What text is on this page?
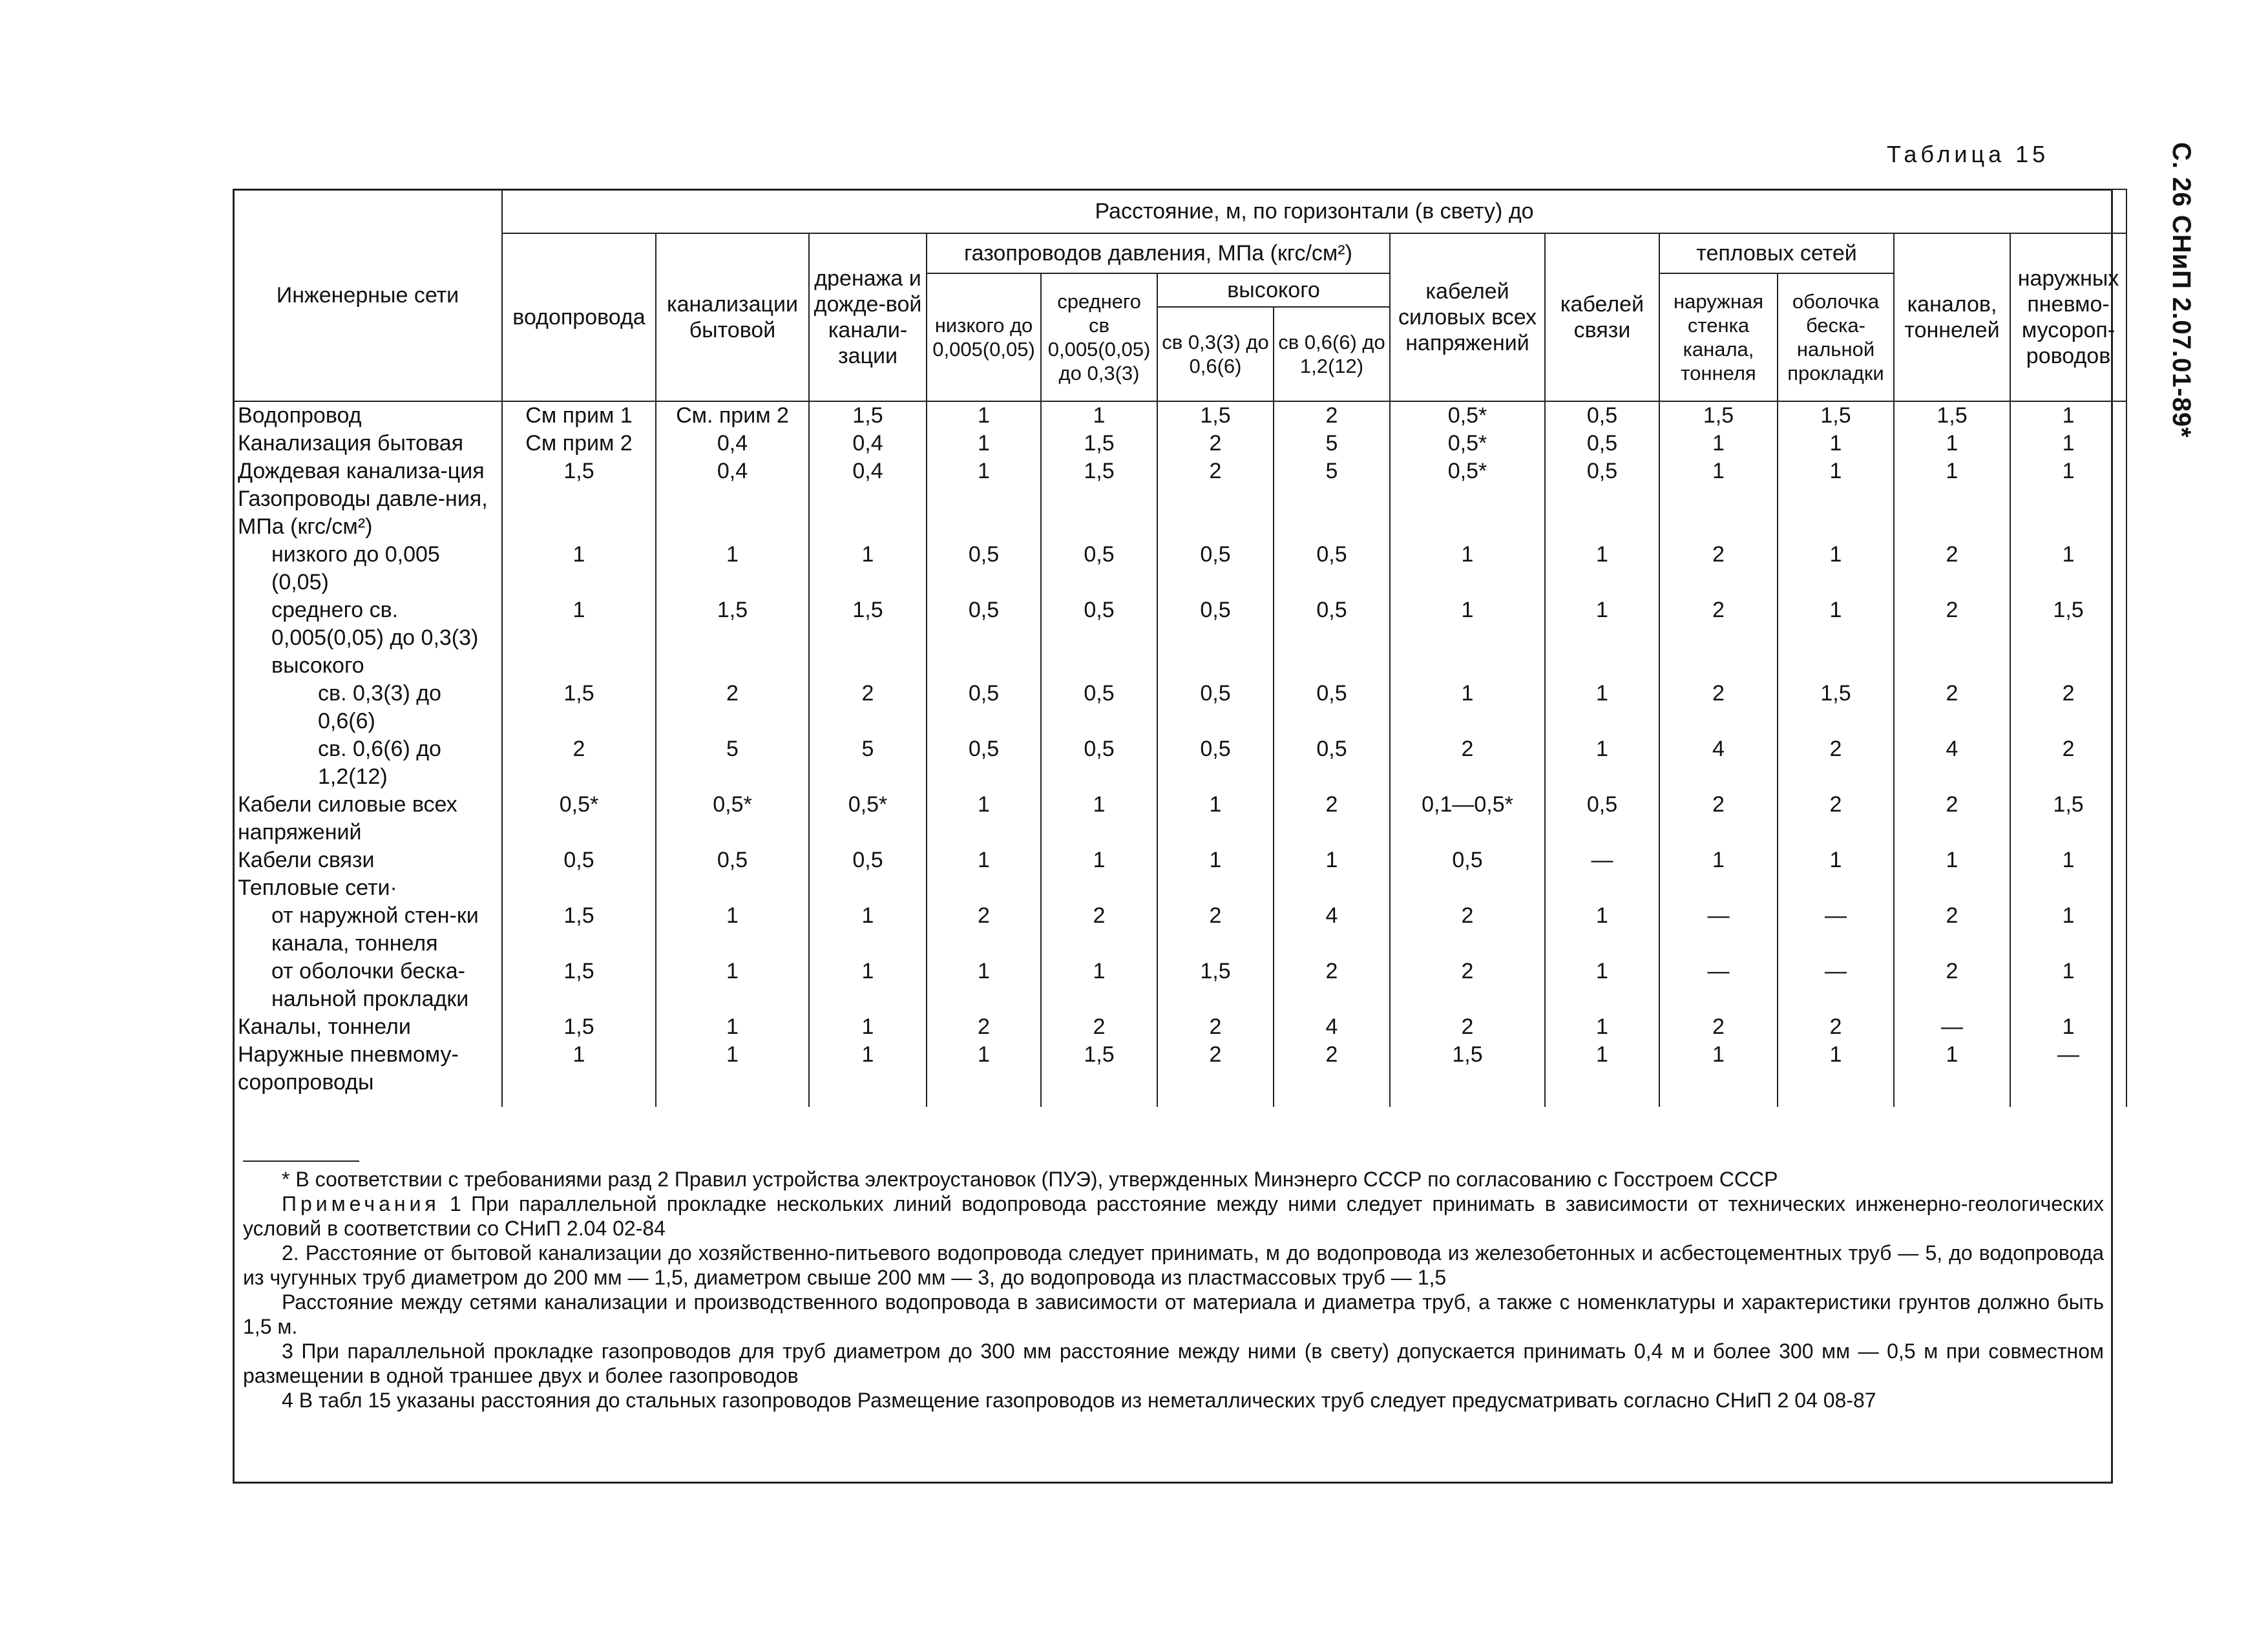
С. 26 СНиП 2.07.01-89*
Таблица 15
Инженерные сети	Расстояние, м, по горизонтали (в свету) до												
	водопровода	канализации бытовой	дренажа и дожде-вой канали-зации	газопроводов давления, МПа (кгс/см²)				кабелей силовых всех напряжений	кабелей связи	тепловых сетей		каналов, тоннелей	наружных пневмо-мусороп-роводов
				низкого до 0,005(0,05)	среднего св 0,005(0,05) до 0,3(3)	высокого				наружная стенка канала, тоннеля	оболочка беска-нальной прокладки		
						св 0,3(3) до 0,6(6)	св 0,6(6) до 1,2(12)						
Водопровод	См прим 1	См. прим 2	1,5	1	1	1,5	2	0,5*	0,5	1,5	1,5	1,5	1
Канализация бытовая	См прим 2	0,4	0,4	1	1,5	2	5	0,5*	0,5	1	1	1	1
Дождевая канализа-ция	1,5	0,4	0,4	1	1,5	2	5	0,5*	0,5	1	1	1	1
Газопроводы давле-ния, МПа (кгс/см²)													
низкого до 0,005 (0,05)	1	1	1	0,5	0,5	0,5	0,5	1	1	2	1	2	1
среднего св. 0,005(0,05) до 0,3(3)	1	1,5	1,5	0,5	0,5	0,5	0,5	1	1	2	1	2	1,5
высокого													
св. 0,3(3) до 0,6(6)	1,5	2	2	0,5	0,5	0,5	0,5	1	1	2	1,5	2	2
св. 0,6(6) до 1,2(12)	2	5	5	0,5	0,5	0,5	0,5	2	1	4	2	4	2
Кабели силовые всех напряжений	0,5*	0,5*	0,5*	1	1	1	2	0,1—0,5*	0,5	2	2	2	1,5
Кабели связи	0,5	0,5	0,5	1	1	1	1	0,5	—	1	1	1	1
Тепловые сети·													
от наружной стен-ки канала, тоннеля	1,5	1	1	2	2	2	4	2	1	—	—	2	1
от оболочки беска-нальной прокладки	1,5	1	1	1	1	1,5	2	2	1	—	—	2	1
Каналы, тоннели	1,5	1	1	2	2	2	4	2	1	2	2	—	1
Наружные пневмому-соропроводы	1	1	1	1	1,5	2	2	1,5	1	1	1	1	—

* В соответствии с требованиями разд 2 Правил устройства электроустановок (ПУЭ), утвержденных Минэнерго СССР по согласованию с Госстроем СССР

Примечания 1 При параллельной прокладке нескольких линий водопровода расстояние между ними следует принимать в зависимости от технических инженерно-геологических условий в соответствии со СНиП 2.04 02-84

2. Расстояние от бытовой канализации до хозяйственно-питьевого водопровода следует принимать, м до водопровода из железобетонных и асбестоцементных труб — 5, до водопровода из чугунных труб диаметром до 200 мм — 1,5, диаметром свыше 200 мм — 3, до водопровода из пластмассовых труб — 1,5

Расстояние между сетями канализации и производственного водопровода в зависимости от материала и диаметра труб, а также с номенклатуры и характеристики грунтов должно быть 1,5 м.

3 При параллельной прокладке газопроводов для труб диаметром до 300 мм расстояние между ними (в свету) допускается принимать 0,4 м и более 300 мм — 0,5 м при совместном размещении в одной траншее двух и более газопроводов

4 В табл 15 указаны расстояния до стальных газопроводов Размещение газопроводов из неметаллических труб следует предусматривать согласно СНиП 2 04 08-87
